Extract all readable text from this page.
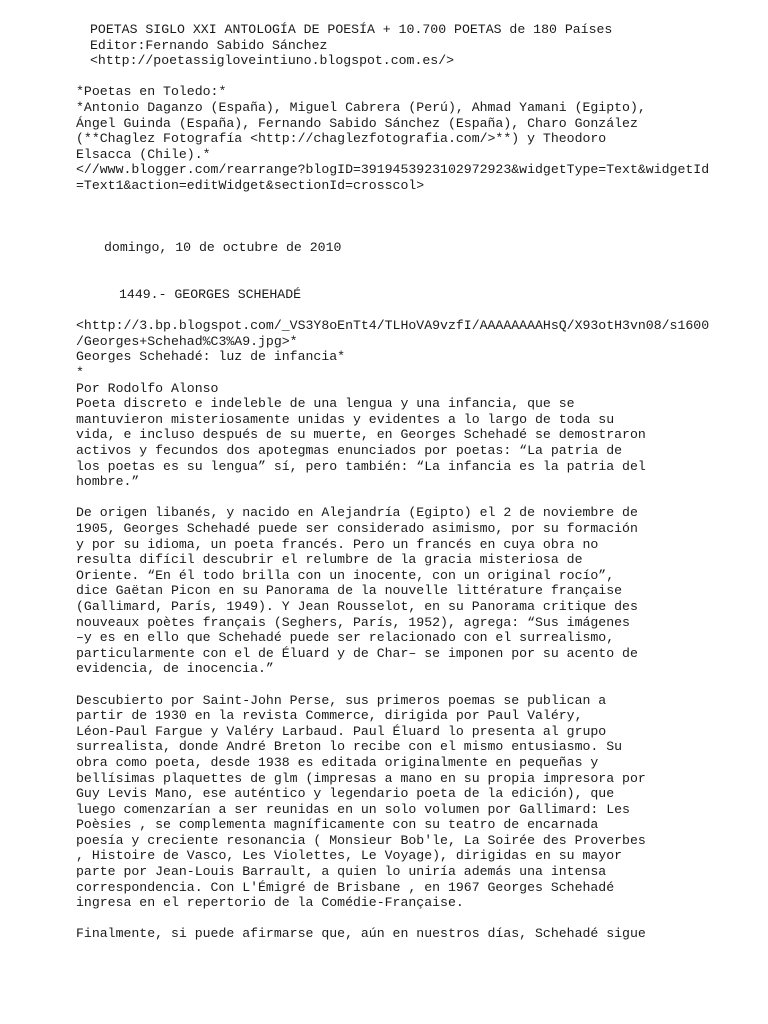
POETAS SIGLO XXI ANTOLOGÍA DE POESÍA + 10.700 POETAS de 180 Países
Editor:Fernando Sabido Sánchez
<http://poetassigloveintiuno.blogspot.com.es/>
*Poetas en Toledo:*
*Antonio Daganzo (España), Miguel Cabrera (Perú), Ahmad Yamani (Egipto),
Ángel Guinda (España), Fernando Sabido Sánchez (España), Charo González
(**Chaglez Fotografía <http://chaglezfotografia.com/>**) y Theodoro
Elsacca (Chile).*
<//www.blogger.com/rearrange?blogID=3919453923102972923&widgetType=Text&widgetId
=Text1&action=editWidget&sectionId=crosscol>
domingo, 10 de octubre de 2010
1449.- GEORGES SCHEHADÉ
<http://3.bp.blogspot.com/_VS3Y8oEnTt4/TLHoVA9vzfI/AAAAAAAAHsQ/X93otH3vn08/s1600
/Georges+Schehad%C3%A9.jpg>*
Georges Schehadé: luz de infancia*
*
Por Rodolfo Alonso
Poeta discreto e indeleble de una lengua y una infancia, que se
mantuvieron misteriosamente unidas y evidentes a lo largo de toda su
vida, e incluso después de su muerte, en Georges Schehadé se demostraron
activos y fecundos dos apotegmas enunciados por poetas: “La patria de
los poetas es su lengua” sí, pero también: “La infancia es la patria del
hombre.”
De origen libanés, y nacido en Alejandría (Egipto) el 2 de noviembre de
1905, Georges Schehadé puede ser considerado asimismo, por su formación
y por su idioma, un poeta francés. Pero un francés en cuya obra no
resulta difícil descubrir el relumbre de la gracia misteriosa de
Oriente. “En él todo brilla con un inocente, con un original rocío”,
dice Gaëtan Picon en su Panorama de la nouvelle littérature française
(Gallimard, París, 1949). Y Jean Rousselot, en su Panorama critique des
nouveaux poètes français (Seghers, París, 1952), agrega: “Sus imágenes
–y es en ello que Schehadé puede ser relacionado con el surrealismo,
particularmente con el de Éluard y de Char– se imponen por su acento de
evidencia, de inocencia.”
Descubierto por Saint-John Perse, sus primeros poemas se publican a
partir de 1930 en la revista Commerce, dirigida por Paul Valéry,
Léon-Paul Fargue y Valéry Larbaud. Paul Éluard lo presenta al grupo
surrealista, donde André Breton lo recibe con el mismo entusiasmo. Su
obra como poeta, desde 1938 es editada originalmente en pequeñas y
bellísimas plaquettes de glm (impresas a mano en su propia impresora por
Guy Levis Mano, ese auténtico y legendario poeta de la edición), que
luego comenzarían a ser reunidas en un solo volumen por Gallimard: Les
Poèsies , se complementa magníficamente con su teatro de encarnada
poesía y creciente resonancia ( Monsieur Bob'le, La Soirée des Proverbes
, Histoire de Vasco, Les Violettes, Le Voyage), dirigidas en su mayor
parte por Jean-Louis Barrault, a quien lo uniría además una intensa
correspondencia. Con L'Émigré de Brisbane , en 1967 Georges Schehadé
ingresa en el repertorio de la Comédie-Française.
Finalmente, si puede afirmarse que, aún en nuestros días, Schehadé sigue
